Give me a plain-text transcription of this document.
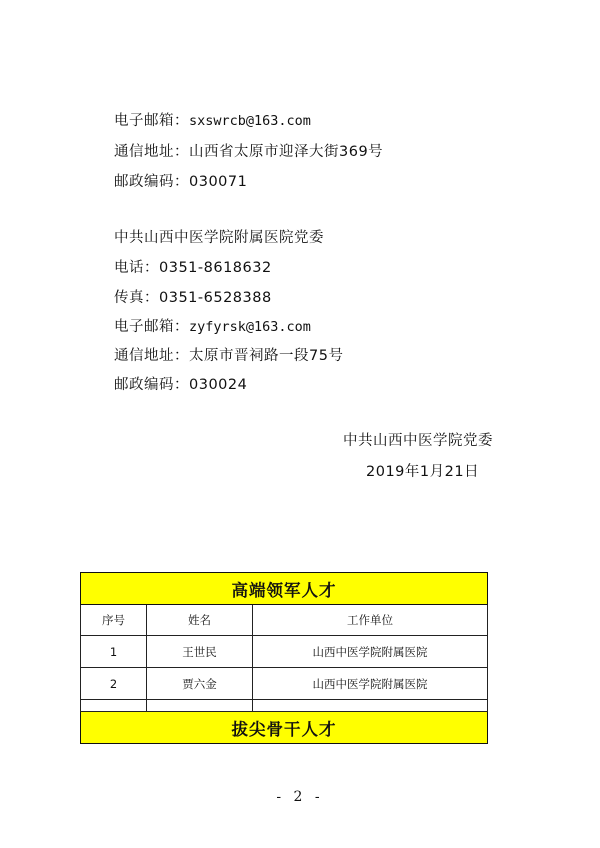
电子邮箱：sxswrcb@163.com
通信地址：山西省太原市迎泽大街369号
邮政编码：030071
中共山西中医学院附属医院党委
电话：0351-8618632
传真：0351-6528388
电子邮箱：zyfyrsk@163.com
通信地址：太原市晋祠路一段75号
邮政编码：030024
中共山西中医学院党委
2019年1月21日
高端领军人才		
序号	姓名	工作单位
1	王世民	山西中医学院附属医院
2	贾六金	山西中医学院附属医院

拔尖骨干人才		
- 2 -
